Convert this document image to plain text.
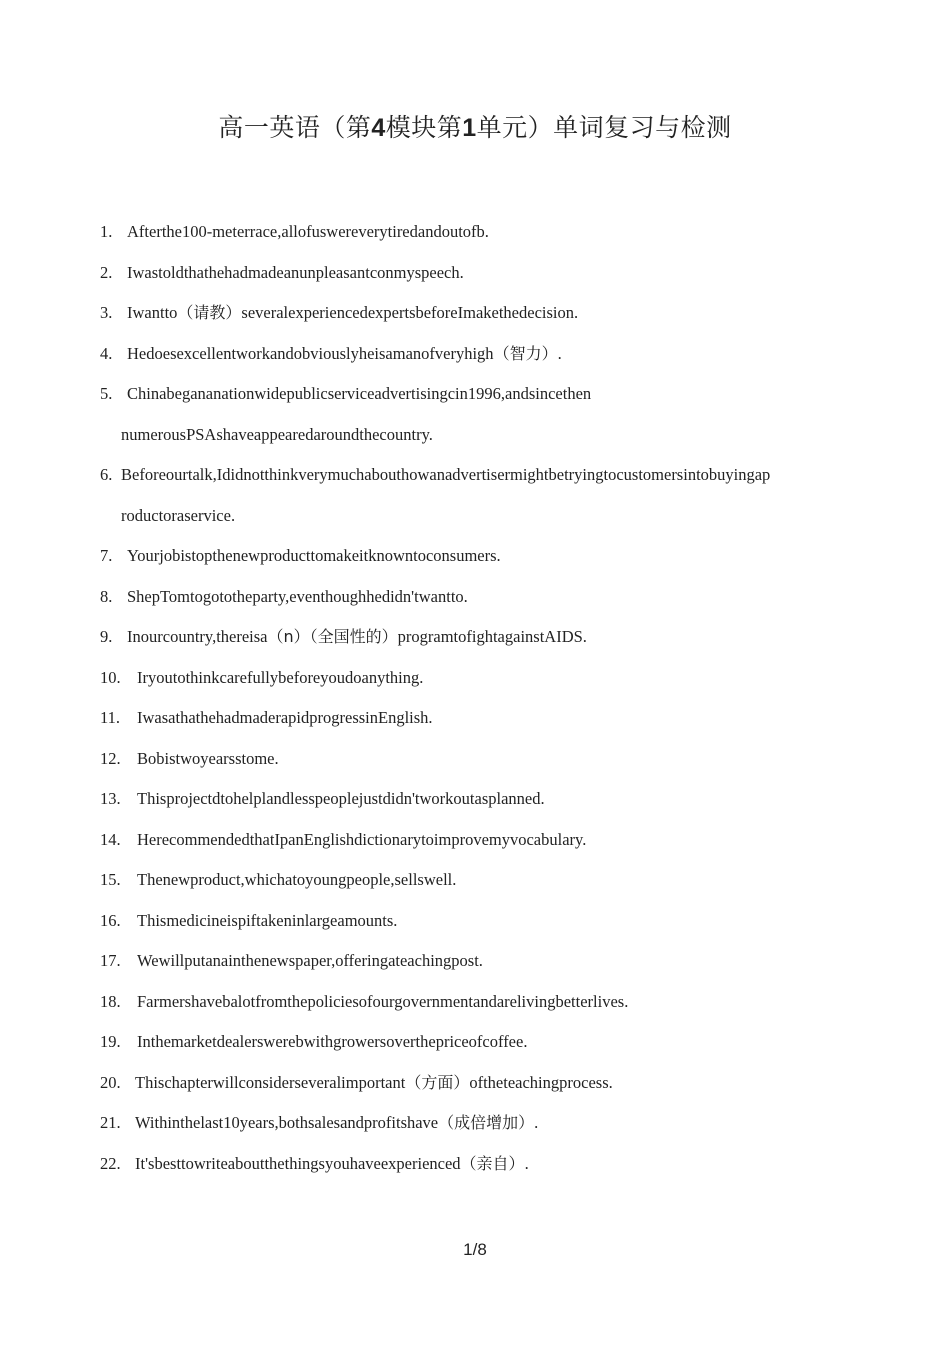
高一英语（第4模块第1单元）单词复习与检测
1. Afterthe100-meterrace,allofuswereverytiredandoutofb.
2. Iwastoldthathehadmadeanunpleasantconmyspeech.
3. Iwantto（请教）severalexperiencedexpertsbeforeImakethedecision.
4. Hedoesexcellentworkandobviouslyheisamanofveryhigh（智力）.
5. Chinabegananationwidepublicserviceadvertisingcin1996,andsincethen
numerousPSAshaveappearedaroundthecountry.
6. Beforeourtalk,Ididnotthinkverymuchabouthowanadvertisermightbetryingtocustomersintobuyingap
roductoraservice.
7. Yourjobistopthenewproducttomakeitknowntoconsumers.
8. ShepTomtogototheparty,eventhoughhedidn'twantto.
9. Inourcountry,thereisa（n）（全国性的）programtofightagainstAIDS.
10. Iryoutothinkcarefullybeforeyoudoanything.
11. IwasathathehadmaderapidprogressinEnglish.
12. Bobistwoyearsstome.
13. Thisprojectdtohelplandlesspeoplejustdidn'tworkoutasplanned.
14. HerecommendedthatIpanEnglishdictionarytoimprovemyvocabulary.
15. Thenewproduct,whichatoyoungpeople,sellswell.
16. Thismedicineispiftakeninlargeamounts.
17. Wewillputanainthenewspaper,offeringateachingpost.
18. Farmershavebalotfromthepoliciesofourgovernmentandarelivingbetterlives.
19. Inthemarketdealerswerebwithgrowersoverthepriceofcoffee.
20. Thischapterwillconsiderseveralimportant（方面）oftheteachingprocess.
21. Withinthelast10years,bothsalesandprofitshave（成倍增加）.
22. It'sbesttowriteaboutthethingsyouhaveexperienced（亲自）.
1/8
